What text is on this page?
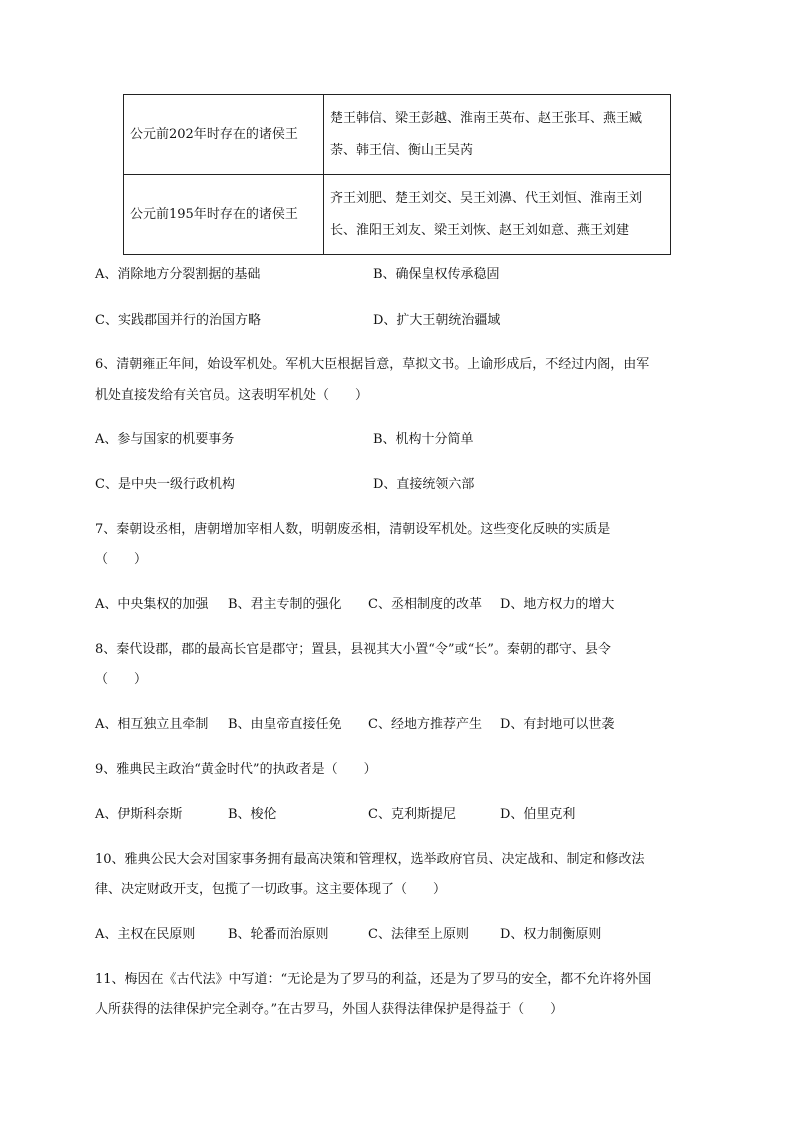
公元前202年时存在的诸侯王	楚王韩信、梁王彭越、淮南王英布、赵王张耳、燕王臧
荼、韩王信、衡山王吴芮

公元前195年时存在的诸侯王	齐王刘肥、楚王刘交、吴王刘濞、代王刘恒、淮南王刘
长、淮阳王刘友、梁王刘恢、赵王刘如意、燕王刘建
A、消除地方分裂割据的基础	B、确保皇权传承稳固
C、实践郡国并行的治国方略	D、扩大王朝统治疆域
6、清朝雍正年间，始设军机处。军机大臣根据旨意，草拟文书。上谕形成后，不经过内阁，由军
机处直接发给有关官员。这表明军机处（　　）
A、参与国家的机要事务	B、机构十分简单
C、是中央一级行政机构	D、直接统领六部
7、秦朝设丞相，唐朝增加宰相人数，明朝废丞相，清朝设军机处。这些变化反映的实质是
（　　）
A、中央集权的加强 B、君主专制的强化 C、丞相制度的改革 D、地方权力的增大
8、秦代设郡，郡的最高长官是郡守；置县，县视其大小置“令”或“长”。秦朝的郡守、县令
（　　）
A、相互独立且牵制 B、由皇帝直接任免 C、经地方推荐产生 D、有封地可以世袭
9、雅典民主政治“黄金时代”的执政者是（　　）
A、伊斯科奈斯	B、梭伦	C、克利斯提尼	D、伯里克利
10、雅典公民大会对国家事务拥有最高决策和管理权，选举政府官员、决定战和、制定和修改法
律、决定财政开支，包揽了一切政事。这主要体现了（　　）
A、主权在民原则	B、轮番而治原则	C、法律至上原则 D、权力制衡原则
11、梅因在《古代法》中写道：“无论是为了罗马的利益，还是为了罗马的安全，都不允许将外国
人所获得的法律保护完全剥夺。”在古罗马，外国人获得法律保护是得益于（　　）
